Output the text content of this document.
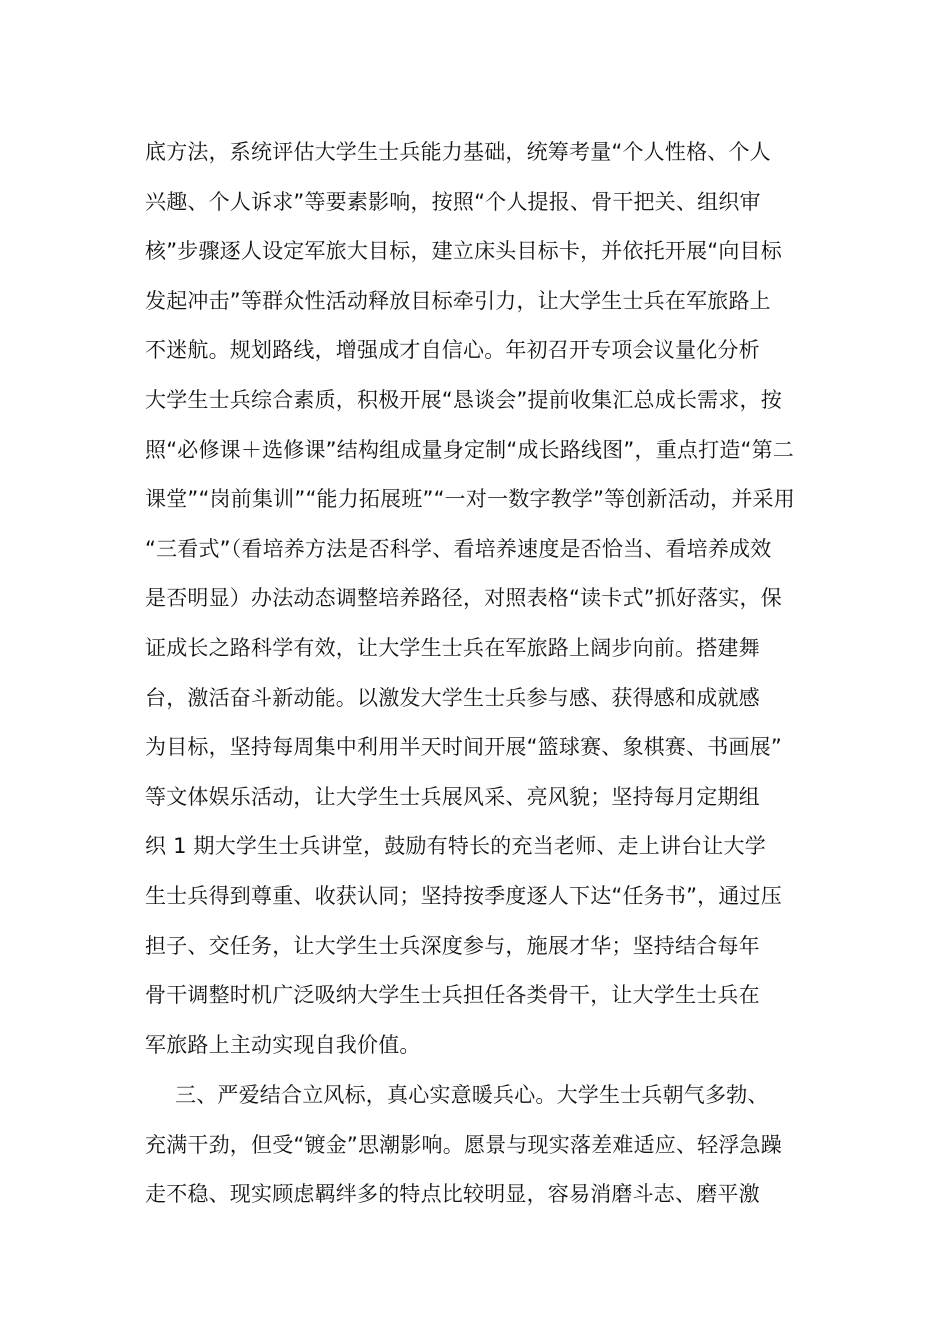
底方法，系统评估大学生士兵能力基础，统筹考量“个人性格、个人
兴趣、个人诉求”等要素影响，按照“个人提报、骨干把关、组织审
核”步骤逐人设定军旅大目标，建立床头目标卡，并依托开展“向目标
发起冲击”等群众性活动释放目标牵引力，让大学生士兵在军旅路上
不迷航。规划路线，增强成才自信心。年初召开专项会议量化分析
大学生士兵综合素质，积极开展“恳谈会”提前收集汇总成长需求，按
照“必修课＋选修课”结构组成量身定制“成长路线图”，重点打造“第二
课堂”“岗前集训”“能力拓展班”“一对一数字教学”等创新活动，并采用
“三看式”（看培养方法是否科学、看培养速度是否恰当、看培养成效
是否明显）办法动态调整培养路径，对照表格“读卡式”抓好落实，保
证成长之路科学有效，让大学生士兵在军旅路上阔步向前。搭建舞
台，激活奋斗新动能。以激发大学生士兵参与感、获得感和成就感
为目标，坚持每周集中利用半天时间开展“篮球赛、象棋赛、书画展”
等文体娱乐活动，让大学生士兵展风采、亮风貌；坚持每月定期组
织 1 期大学生士兵讲堂，鼓励有特长的充当老师、走上讲台让大学
生士兵得到尊重、收获认同；坚持按季度逐人下达“任务书”，通过压
担子、交任务，让大学生士兵深度参与，施展才华；坚持结合每年
骨干调整时机广泛吸纳大学生士兵担任各类骨干，让大学生士兵在
军旅路上主动实现自我价值。
三、严爱结合立风标，真心实意暖兵心。大学生士兵朝气多勃、
充满干劲，但受“镀金”思潮影响。愿景与现实落差难适应、轻浮急躁
走不稳、现实顾虑羁绊多的特点比较明显，容易消磨斗志、磨平激
